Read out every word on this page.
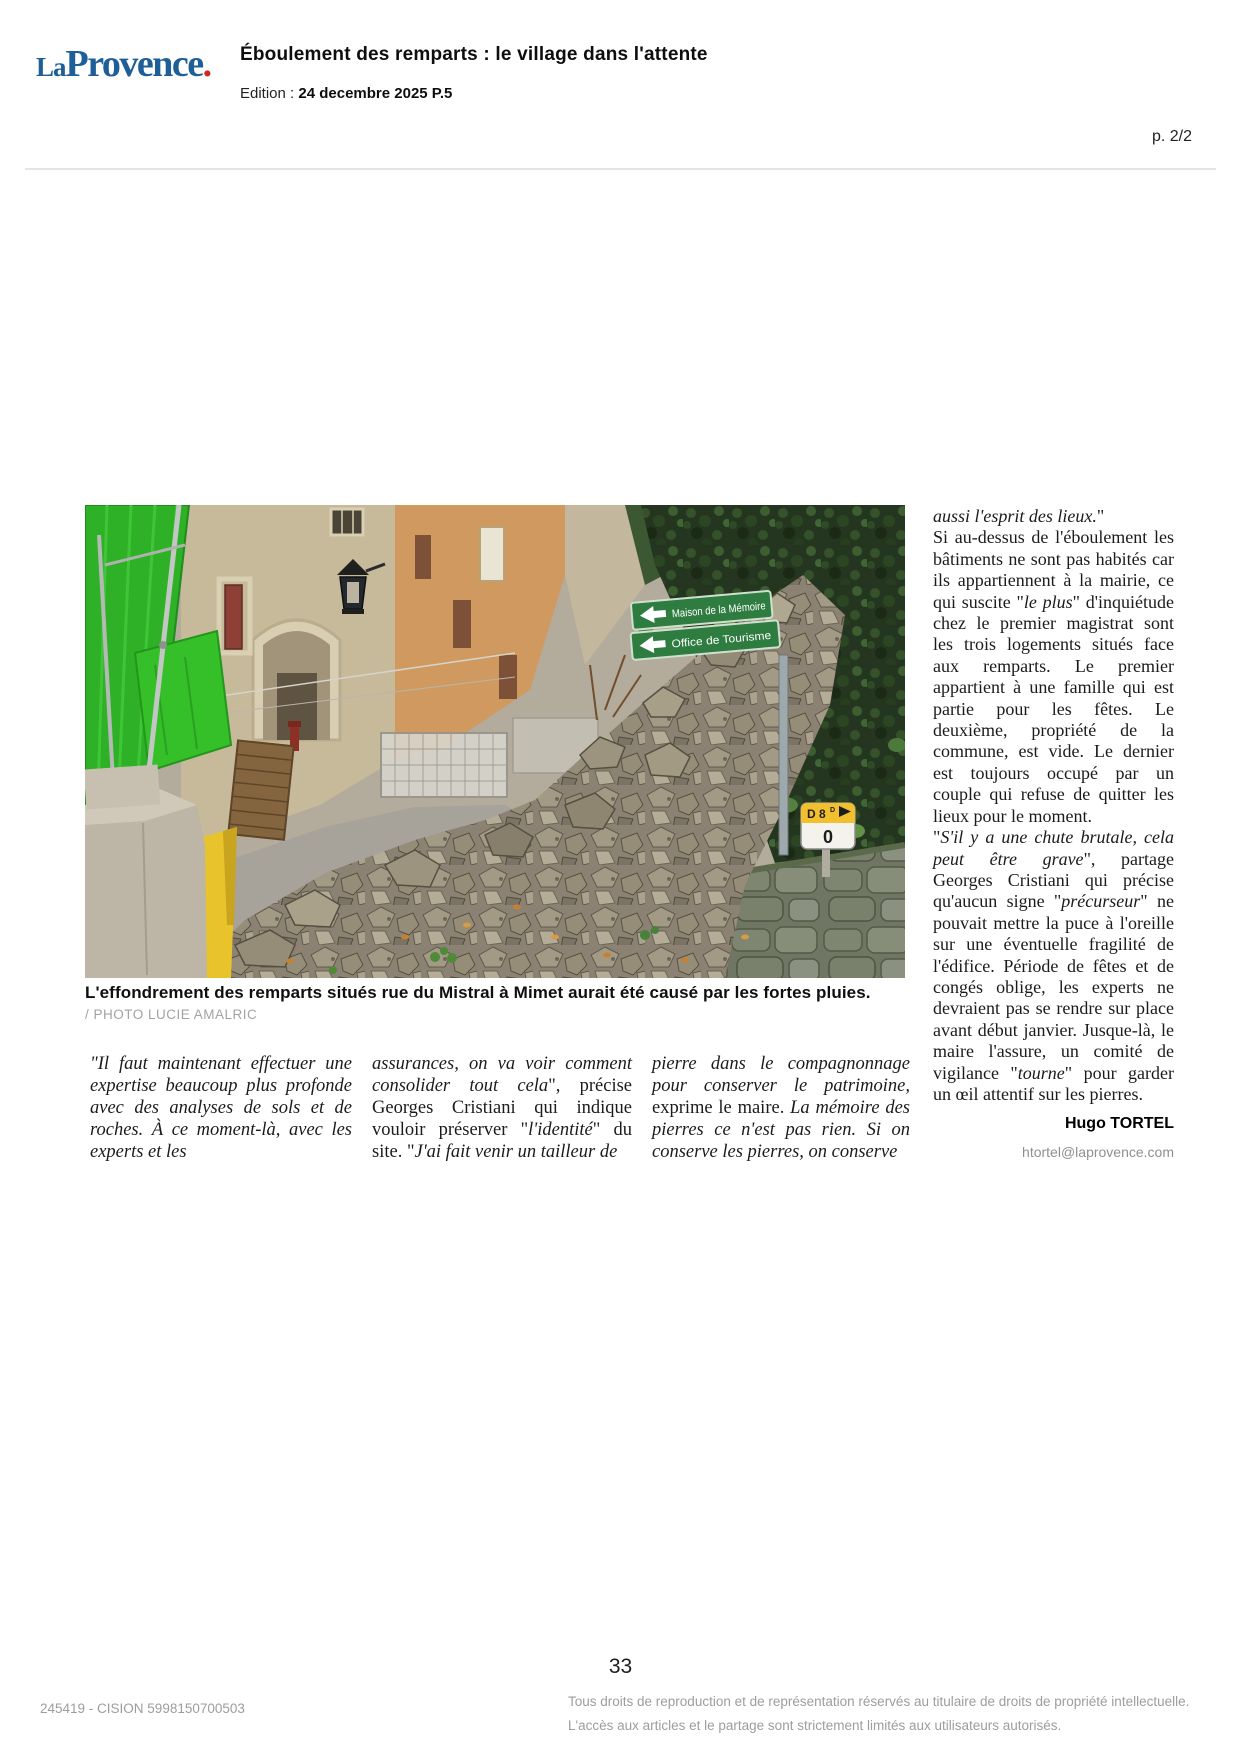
LaProvence. Éboulement des remparts : le village dans l'attente
Edition : 24 decembre 2025 P.5
p. 2/2
Maison de la Mémoire
Office de Tourisme
D 8 D
0
L'effondrement des remparts situés rue du Mistral à Mimet aurait été causé par les fortes pluies.
/ PHOTO LUCIE AMALRIC
"Il faut maintenant effectuer une expertise beaucoup plus profonde avec des analyses de sols et de roches. À ce moment-là, avec les experts et les
assurances, on va voir comment consolider tout cela", précise Georges Cristiani qui indique vouloir préserver "l'identité" du site. "J'ai fait venir un tailleur de
pierre dans le compagnonnage pour conserver le patrimoine, exprime le maire. La mémoire des pierres ce n'est pas rien. Si on conserve les pierres, on conserve

aussi l'esprit des lieux."

Si au-dessus de l'éboulement les bâtiments ne sont pas habités car ils appartiennent à la mairie, ce qui suscite "le plus" d'inquiétude chez le premier magistrat sont les trois logements situés face aux remparts. Le premier appartient à une famille qui est partie pour les fêtes. Le deuxième, propriété de la commune, est vide. Le dernier est toujours occupé par un couple qui refuse de quitter les lieux pour le moment.

"S'il y a une chute brutale, cela peut être grave", partage Georges Cristiani qui précise qu'aucun signe "précurseur" ne pouvait mettre la puce à l'oreille sur une éventuelle fragilité de l'édifice. Période de fêtes et de congés oblige, les experts ne devraient pas se rendre sur place avant début janvier. Jusque-là, le maire l'assure, un comité de vigilance "tourne" pour garder un œil attentif sur les pierres.

Hugo TORTEL
htortel@laprovence.com
33
245419 - CISION 5998150700503	Tous droits de reproduction et de représentation réservés au titulaire de droits de propriété intellectuelle.
L'accès aux articles et le partage sont strictement limités aux utilisateurs autorisés.
